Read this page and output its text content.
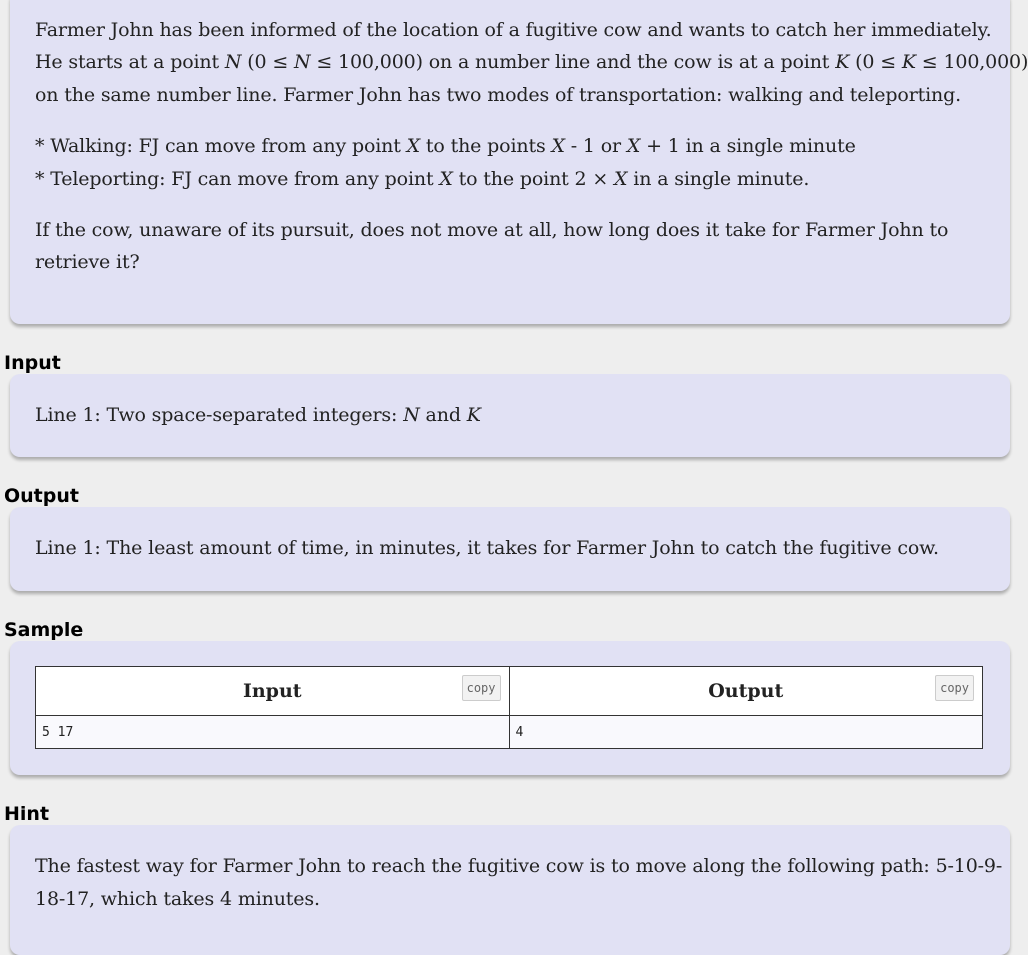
Farmer John has been informed of the location of a fugitive cow and wants to catch her immediately.

He starts at a point N (0 ≤ N ≤ 100,000) on a number line and the cow is at a point K (0 ≤ K ≤ 100,000)

on the same number line. Farmer John has two modes of transportation: walking and teleporting.

* Walking: FJ can move from any point X to the points X - 1 or X + 1 in a single minute

* Teleporting: FJ can move from any point X to the point 2 × X in a single minute.

If the cow, unaware of its pursuit, does not move at all, how long does it take for Farmer John to

retrieve it?

Input

Line 1: Two space-separated integers: N and K

Output

Line 1: The least amount of time, in minutes, it takes for Farmer John to catch the fugitive cow.

Sample
Input copy	Output copy

5 17	4
Hint

The fastest way for Farmer John to reach the fugitive cow is to move along the following path: 5-10-9-

18-17, which takes 4 minutes.
